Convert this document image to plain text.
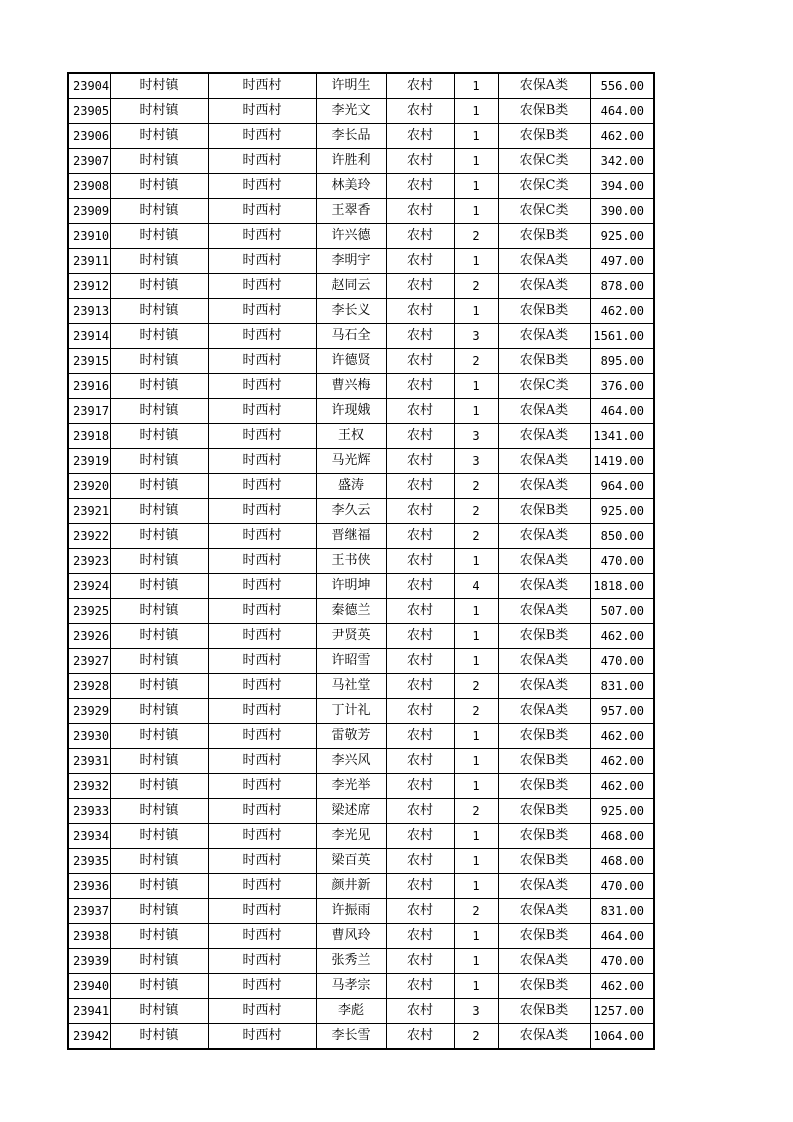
23904	时村镇	时西村	许明生	农村	1	农保A类	556.00
23905	时村镇	时西村	李光文	农村	1	农保B类	464.00
23906	时村镇	时西村	李长品	农村	1	农保B类	462.00
23907	时村镇	时西村	许胜利	农村	1	农保C类	342.00
23908	时村镇	时西村	林美玲	农村	1	农保C类	394.00
23909	时村镇	时西村	王翠香	农村	1	农保C类	390.00
23910	时村镇	时西村	许兴德	农村	2	农保B类	925.00
23911	时村镇	时西村	李明宇	农村	1	农保A类	497.00
23912	时村镇	时西村	赵同云	农村	2	农保A类	878.00
23913	时村镇	时西村	李长义	农村	1	农保B类	462.00
23914	时村镇	时西村	马石全	农村	3	农保A类	1561.00
23915	时村镇	时西村	许德贤	农村	2	农保B类	895.00
23916	时村镇	时西村	曹兴梅	农村	1	农保C类	376.00
23917	时村镇	时西村	许现娥	农村	1	农保A类	464.00
23918	时村镇	时西村	王权	农村	3	农保A类	1341.00
23919	时村镇	时西村	马光辉	农村	3	农保A类	1419.00
23920	时村镇	时西村	盛涛	农村	2	农保A类	964.00
23921	时村镇	时西村	李久云	农村	2	农保B类	925.00
23922	时村镇	时西村	晋继福	农村	2	农保A类	850.00
23923	时村镇	时西村	王书侠	农村	1	农保A类	470.00
23924	时村镇	时西村	许明坤	农村	4	农保A类	1818.00
23925	时村镇	时西村	秦德兰	农村	1	农保A类	507.00
23926	时村镇	时西村	尹贤英	农村	1	农保B类	462.00
23927	时村镇	时西村	许昭雪	农村	1	农保A类	470.00
23928	时村镇	时西村	马社堂	农村	2	农保A类	831.00
23929	时村镇	时西村	丁计礼	农村	2	农保A类	957.00
23930	时村镇	时西村	雷敬芳	农村	1	农保B类	462.00
23931	时村镇	时西村	李兴风	农村	1	农保B类	462.00
23932	时村镇	时西村	李光举	农村	1	农保B类	462.00
23933	时村镇	时西村	梁述席	农村	2	农保B类	925.00
23934	时村镇	时西村	李光见	农村	1	农保B类	468.00
23935	时村镇	时西村	梁百英	农村	1	农保B类	468.00
23936	时村镇	时西村	颜井新	农村	1	农保A类	470.00
23937	时村镇	时西村	许振雨	农村	2	农保A类	831.00
23938	时村镇	时西村	曹风玲	农村	1	农保B类	464.00
23939	时村镇	时西村	张秀兰	农村	1	农保A类	470.00
23940	时村镇	时西村	马孝宗	农村	1	农保B类	462.00
23941	时村镇	时西村	李彪	农村	3	农保B类	1257.00
23942	时村镇	时西村	李长雪	农村	2	农保A类	1064.00
